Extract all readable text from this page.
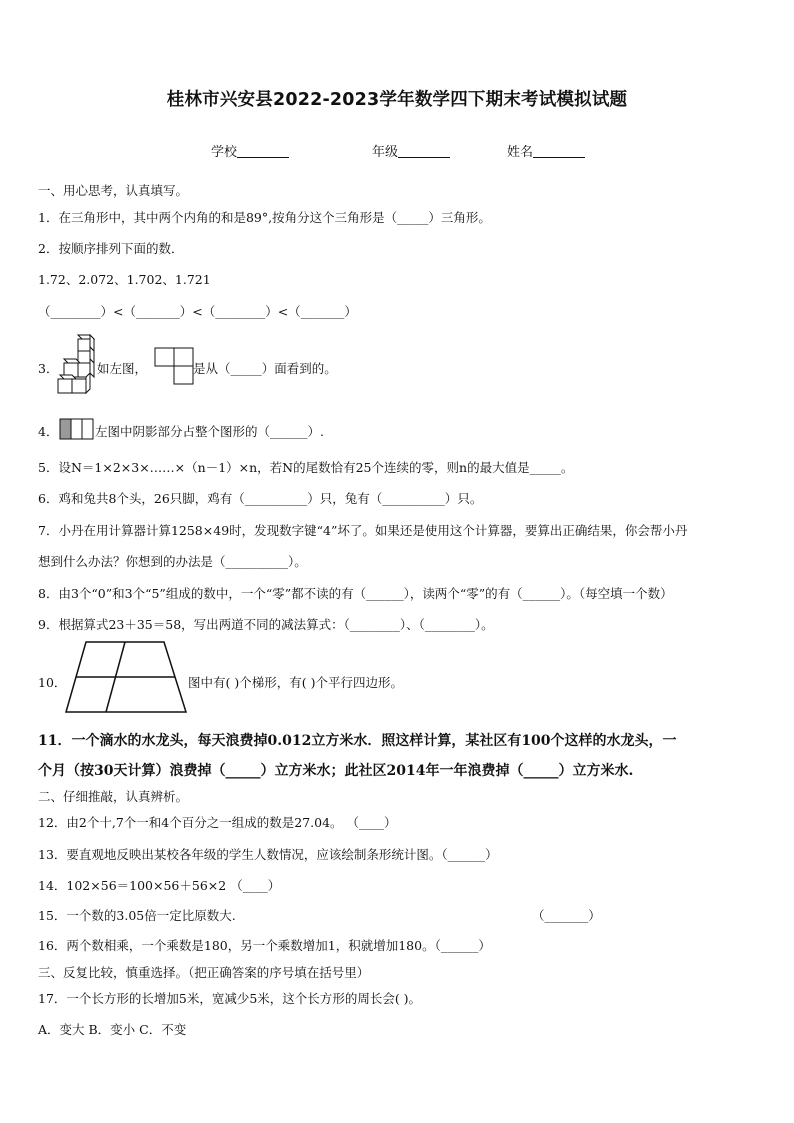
桂林市兴安县2022-2023学年数学四下期末考试模拟试题
学校	年级	姓名
一、用心思考，认真填写。
1．在三角形中，其中两个内角的和是89°,按角分这个三角形是（_____）三角形。
2．按顺序排列下面的数．
1.72、2.072、1.702、1.721
（________）<（_______）<（________）<（_______）
3．	如左图，	是从（_____）面看到的。
4．	左图中阴影部分占整个图形的（______）.
5．设N＝1×2×3×……×（n－1）×n，若N的尾数恰有25个连续的零，则n的最大值是_____。
6．鸡和兔共8个头，26只脚，鸡有（__________）只，兔有（__________）只。
7．小丹在用计算器计算1258×49时，发现数字键“4”坏了。如果还是使用这个计算器，要算出正确结果，你会帮小丹
想到什么办法？你想到的办法是（__________）。
8．由3个“0”和3个“5”组成的数中，一个“零”都不读的有（______），读两个“零”的有（______）。（每空填一个数）
9．根据算式23＋35＝58，写出两道不同的减法算式：（________）、（________）。
10．	图中有( )个梯形，有( )个平行四边形。
11．一个滴水的水龙头，每天浪费掉0.012立方米水．照这样计算，某社区有100个这样的水龙头，一
个月（按30天计算）浪费掉（_____）立方米水；此社区2014年一年浪费掉（_____）立方米水.
二、仔细推敲，认真辨析。
12．由2个十,7个一和4个百分之一组成的数是27.04。 （____）
13．要直观地反映出某校各年级的学生人数情况，应该绘制条形统计图。（______）
14．102×56＝100×56＋56×2 （____）
15．一个数的3.05倍一定比原数大.	（_______）
16．两个数相乘，一个乘数是180，另一个乘数增加1，积就增加180。（______）
三、反复比较，慎重选择。（把正确答案的序号填在括号里）
17．一个长方形的长增加5米，宽减少5米，这个长方形的周长会( )。
A．变大 B．变小 C．不变
